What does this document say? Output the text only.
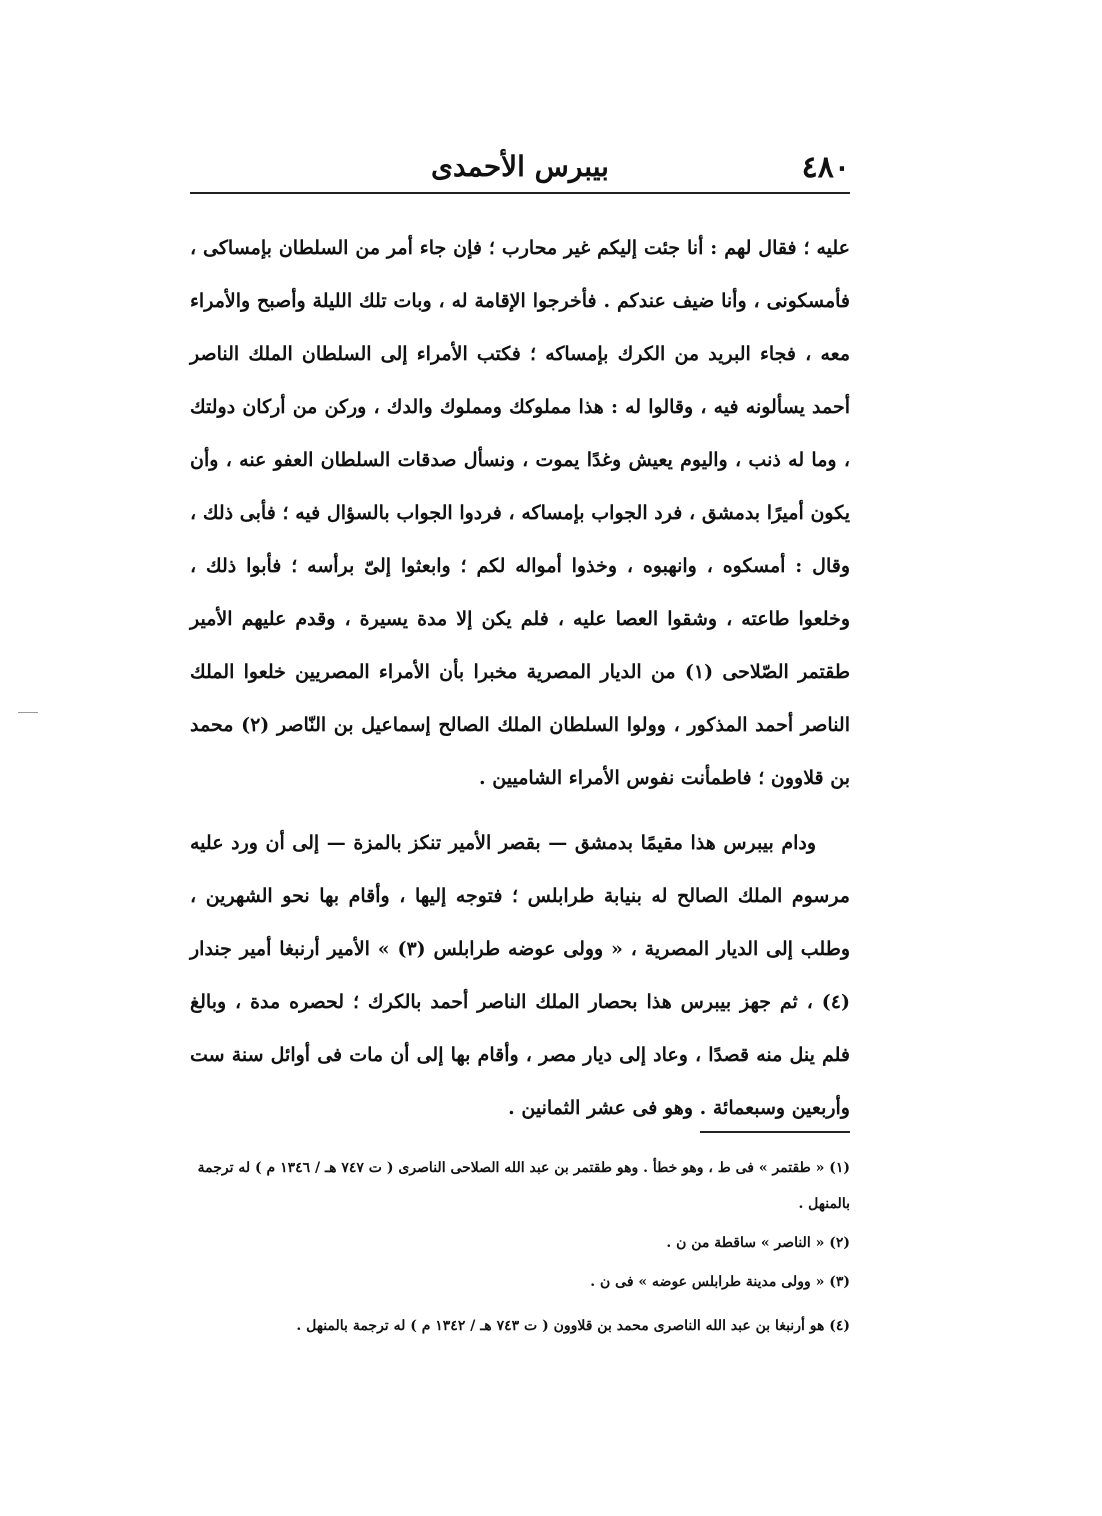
٤٨٠
بيبرس الأحمدى

عليه ؛ فقال لهم : أنا جئت إليكم غير محارب ؛ فإن جاء أمر من السلطان بإمساكى ، فأمسكونى ، وأنا ضيف عندكم . فأخرجوا الإقامة له ، وبات تلك الليلة وأصبح والأمراء معه ، فجاء البريد من الكرك بإمساكه ؛ فكتب الأمراء إلى السلطان الملك الناصر أحمد يسألونه فيه ، وقالوا له : هذا مملوكك ومملوك والدك ، وركن من أركان دولتك ، وما له ذنب ، واليوم يعيش وغدًا يموت ، ونسأل صدقات السلطان العفو عنه ، وأن يكون أميرًا بدمشق ، فرد الجواب بإمساكه ، فردوا الجواب بالسؤال فيه ؛ فأبى ذلك ، وقال : أمسكوه ، وانهبوه ، وخذوا أمواله لكم ؛ وابعثوا إلىّ برأسه ؛ فأبوا ذلك ، وخلعوا طاعته ، وشقوا العصا عليه ، فلم يكن إلا مدة يسيرة ، وقدم عليهم الأمير طقتمر الصّلاحى (١) من الديار المصرية مخبرا بأن الأمراء المصريين خلعوا الملك الناصر أحمد المذكور ، وولوا السلطان الملك الصالح إسماعيل بن النّاصر (٢) محمد بن قلاوون ؛ فاطمأنت نفوس الأمراء الشاميين .

ودام بيبرس هذا مقيمًا بدمشق — بقصر الأمير تنكز بالمزة — إلى أن ورد عليه مرسوم الملك الصالح له بنيابة طرابلس ؛ فتوجه إليها ، وأقام بها نحو الشهرين ، وطلب إلى الديار المصرية ، « وولى عوضه طرابلس (٣) » الأمير أرنبغا أمير جندار (٤) ، ثم جهز بيبرس هذا بحصار الملك الناصر أحمد بالكرك ؛ لحصره مدة ، وبالغ فلم ينل منه قصدًا ، وعاد إلى ديار مصر ، وأقام بها إلى أن مات فى أوائل سنة ست وأربعين وسبعمائة . وهو فى عشر الثمانين .

(١) « طقتمر » فى ط ، وهو خطأ . وهو طقتمر بن عبد الله الصلاحى الناصرى ( ت ٧٤٧ هـ / ١٣٤٦ م ) له ترجمة بالمنهل .

(٢) « الناصر » ساقطة من ن .

(٣) « وولى مدينة طرابلس عوضه » فى ن .

(٤) هو أرنبغا بن عبد الله الناصرى محمد بن قلاوون ( ت ٧٤٣ هـ / ١٣٤٢ م ) له ترجمة بالمنهل .
